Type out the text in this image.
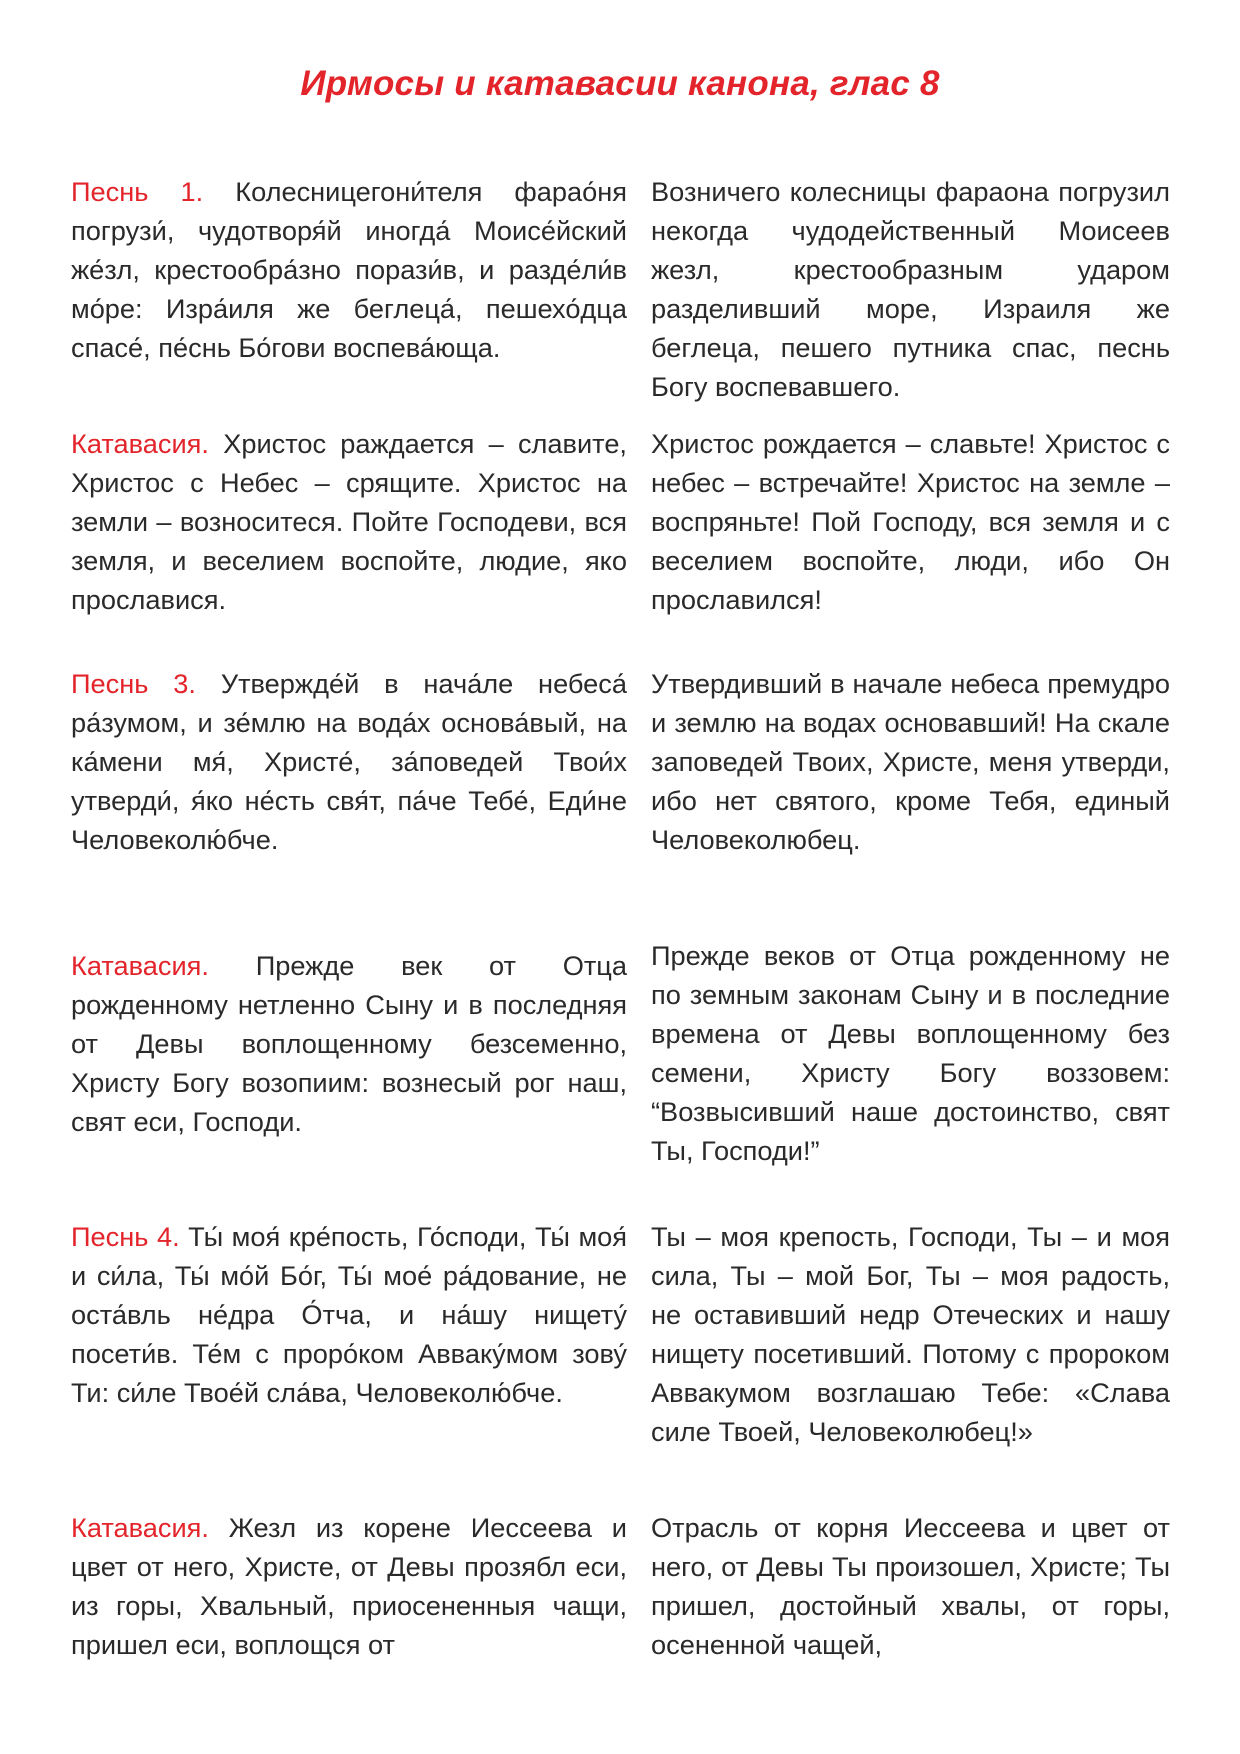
Ирмосы и катавасии канона, глас 8
Песнь 1. Колесницегони́теля фарао́ня погрузи́, чудотворя́й иногда́ Моисе́йский же́зл, крестообра́зно порази́в, и разде́ли́в мо́ре: Изра́иля же беглеца́, пешехо́дца спасе́, пе́снь Бо́гови воспева́юща.
Возничего колесницы фараона погрузил некогда чудодейственный Моисеев жезл, крестообразным ударом разделивший море, Израиля же беглеца, пешего путника спас, песнь Богу воспевавшего.
Катавасия. Христос раждается – славите, Христос с Небес – срящите. Христос на земли – возноситеся. Пойте Господеви, вся земля, и веселием воспойте, людие, яко прославися.
Христос рождается – славьте! Христос с небес – встречайте! Христос на земле – воспряньте! Пой Господу, вся земля и с веселием воспойте, люди, ибо Он прославился!
Песнь 3. Утвержде́й в нача́ле небеса́ ра́зумом, и зе́млю на вода́х основа́вый, на ка́мени мя́, Христе́, за́поведей Твои́х утверди́, я́ко не́сть свя́т, па́че Тебе́, Еди́не Человеколю́бче.
Утвердивший в начале небеса премудро и землю на водах основавший! На скале заповедей Твоих, Христе, меня утверди, ибо нет святого, кроме Тебя, единый Человеколюбец.
Катавасия. Прежде век от Отца рожденному нетленно Сыну и в последняя от Девы воплощенному безсеменно, Христу Богу возопиим: вознесый рог наш, свят еси, Господи.
Прежде веков от Отца рожденному не по земным законам Сыну и в последние времена от Девы воплощенному без семени, Христу Богу воззовем: “Возвысивший наше достоинство, свят Ты, Господи!”
Песнь 4. Ты́ моя́ кре́пость, Го́споди, Ты́ моя́ и си́ла, Ты́ мо́й Бо́г, Ты́ мое́ ра́дование, не оста́вль не́дра О́тча, и на́шу нищету́ посети́в. Те́м с проро́ком Авваку́мом зову́ Ти: си́ле Твое́й сла́ва, Человеколю́бче.
Ты – моя крепость, Господи, Ты – и моя сила, Ты – мой Бог, Ты – моя радость, не оставивший недр Отеческих и нашу нищету посетивший. Потому с пророком Аввакумом возглашаю Тебе: «Слава силе Твоей, Человеколюбец!»
Катавасия. Жезл из корене Иессеева и цвет от него, Христе, от Девы прозябл еси, из горы, Хвальный, приосененныя чащи, пришел еси, воплощся от
Отрасль от корня Иессеева и цвет от него, от Девы Ты произошел, Христе; Ты пришел, достойный хвалы, от горы, осененной чащей,
